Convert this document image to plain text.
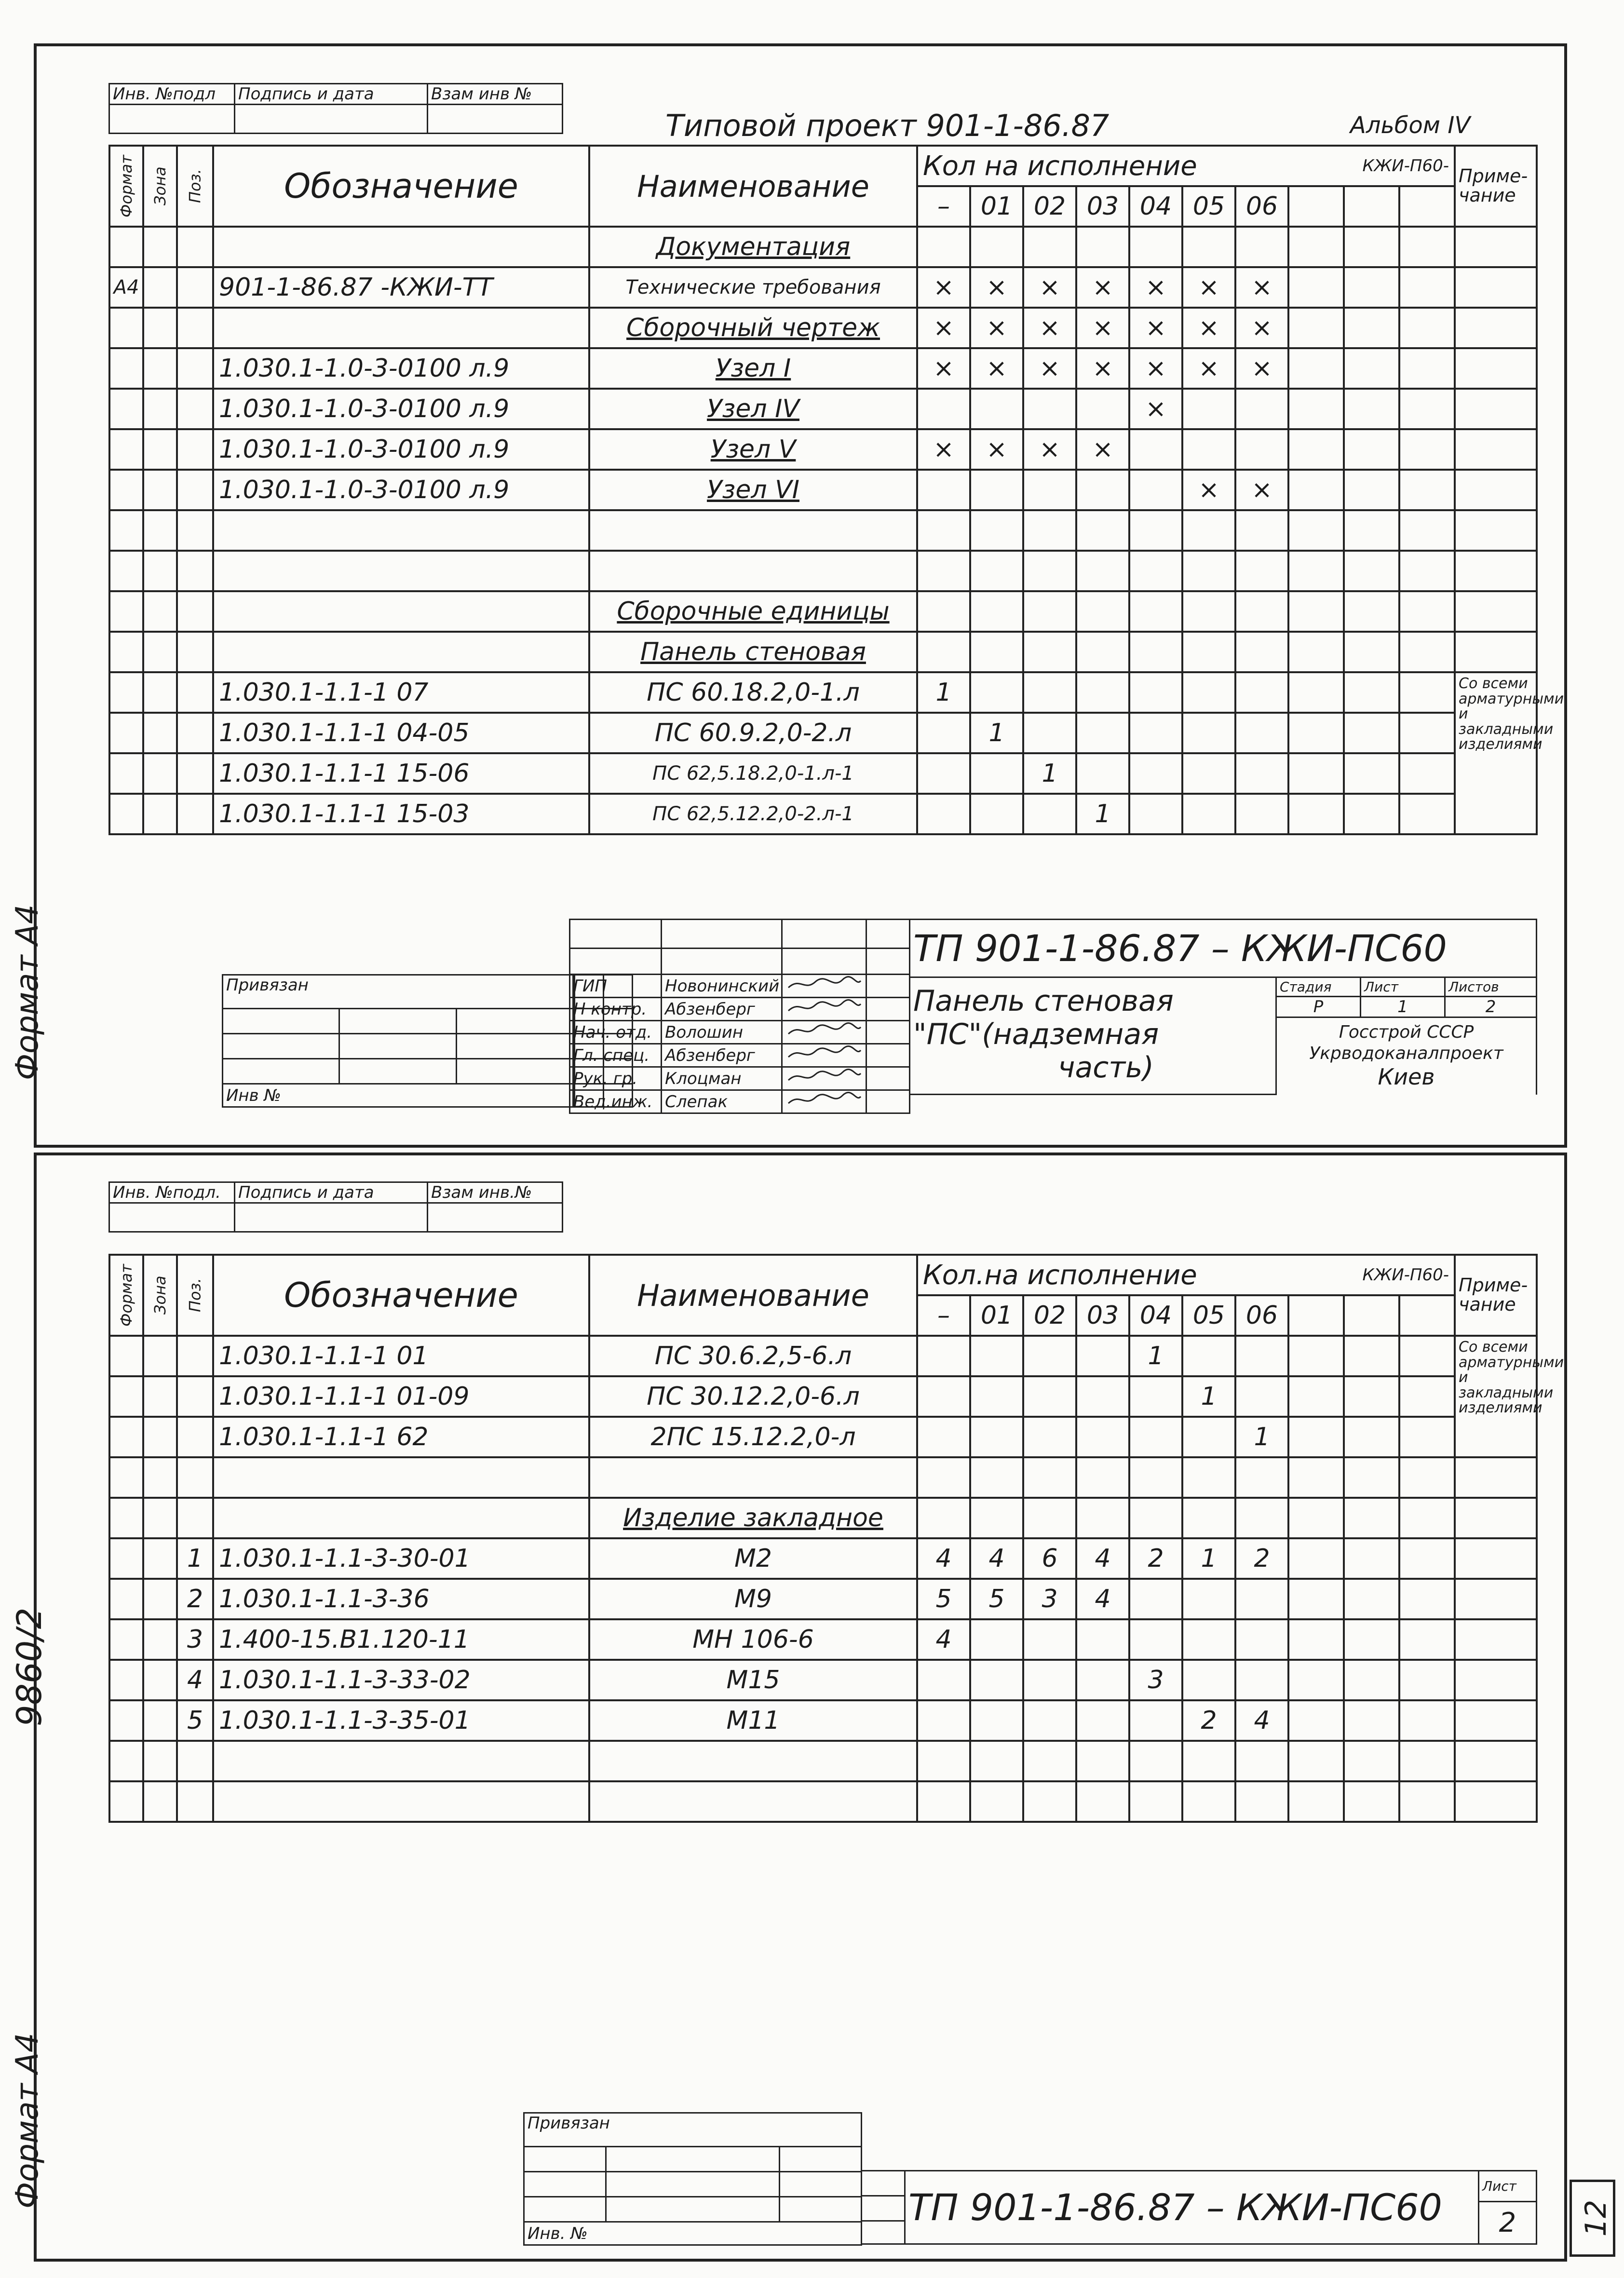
Инв. №подл	Подпись и дата	Взам инв №

Типовой проект 901-1-86.87	Альбом IV
Формат	Зона	Поз.	Обозначение	Наименование	Кол на исполнение							КЖИ-П60-			Приме-чание
					–	01	02	03	04	05	06				
				Документация											
А4			901-1-86.87 -КЖИ-ТТ	Технические требования	×	×	×	×	×	×	×				
				Сборочный чертеж	×	×	×	×	×	×	×				
			1.030.1-1.0-3-0100 л.9	Узел I	×	×	×	×	×	×	×				
			1.030.1-1.0-3-0100 л.9	Узел IV					×						
			1.030.1-1.0-3-0100 л.9	Узел V	×	×	×	×							
			1.030.1-1.0-3-0100 л.9	Узел VI						×	×				

				Сборочные единицы											
				Панель стеновая											
			1.030.1-1.1-1 07	ПС 60.18.2,0-1.л	1										Со всеми арматурными и закладными изделиями
			1.030.1-1.1-1 04-05	ПС 60.9.2,0-2.л		1									
			1.030.1-1.1-1 15-06	ПС 62,5.18.2,0-1.л-1			1								
			1.030.1-1.1-1 15-03	ПС 62,5.12.2,0-2.л-1				1							
Привязан		

Инв №		

ГИП	Новонинский		
Н контр.	Абзенберг		
Нач. отд.	Волошин		
Гл. спец.	Абзенберг		
Рук. гр.	Клоцман		
Вед.инж.	Слепак		
ТП 901-1-86.87 – КЖИ-ПС60			

Панель стеновая
"ПС"(надземная
часть)	Стадия	Лист	Листов
	Р	1	2

	Госстрой СССР
Укрводоканалпроект
Киев		

Формат А4
Инв. №подл.	Подпись и дата	Взам инв.№

Формат	Зона	Поз.	Обозначение	Наименование	Кол.на исполнение							КЖИ-П60-			Приме-чание
					–	01	02	03	04	05	06				
			1.030.1-1.1-1 01	ПС 30.6.2,5-6.л					1						Со всеми арматурными и закладными изделиями
			1.030.1-1.1-1 01-09	ПС 30.12.2,0-6.л						1					
			1.030.1-1.1-1 62	2ПС 15.12.2,0-л							1				

				Изделие закладное											
		1	1.030.1-1.1-3-30-01	М2	4	4	6	4	2	1	2				
		2	1.030.1-1.1-3-36	М9	5	5	3	4							
		3	1.400-15.В1.120-11	МН 106-6	4										
		4	1.030.1-1.1-3-33-02	М15					3						
		5	1.030.1-1.1-3-35-01	М11						2	4				

Привязан		

Инв. №		

ТП 901-1-86.87 – КЖИ-ПС60	Лист
2
9860/2
Формат А4
12
